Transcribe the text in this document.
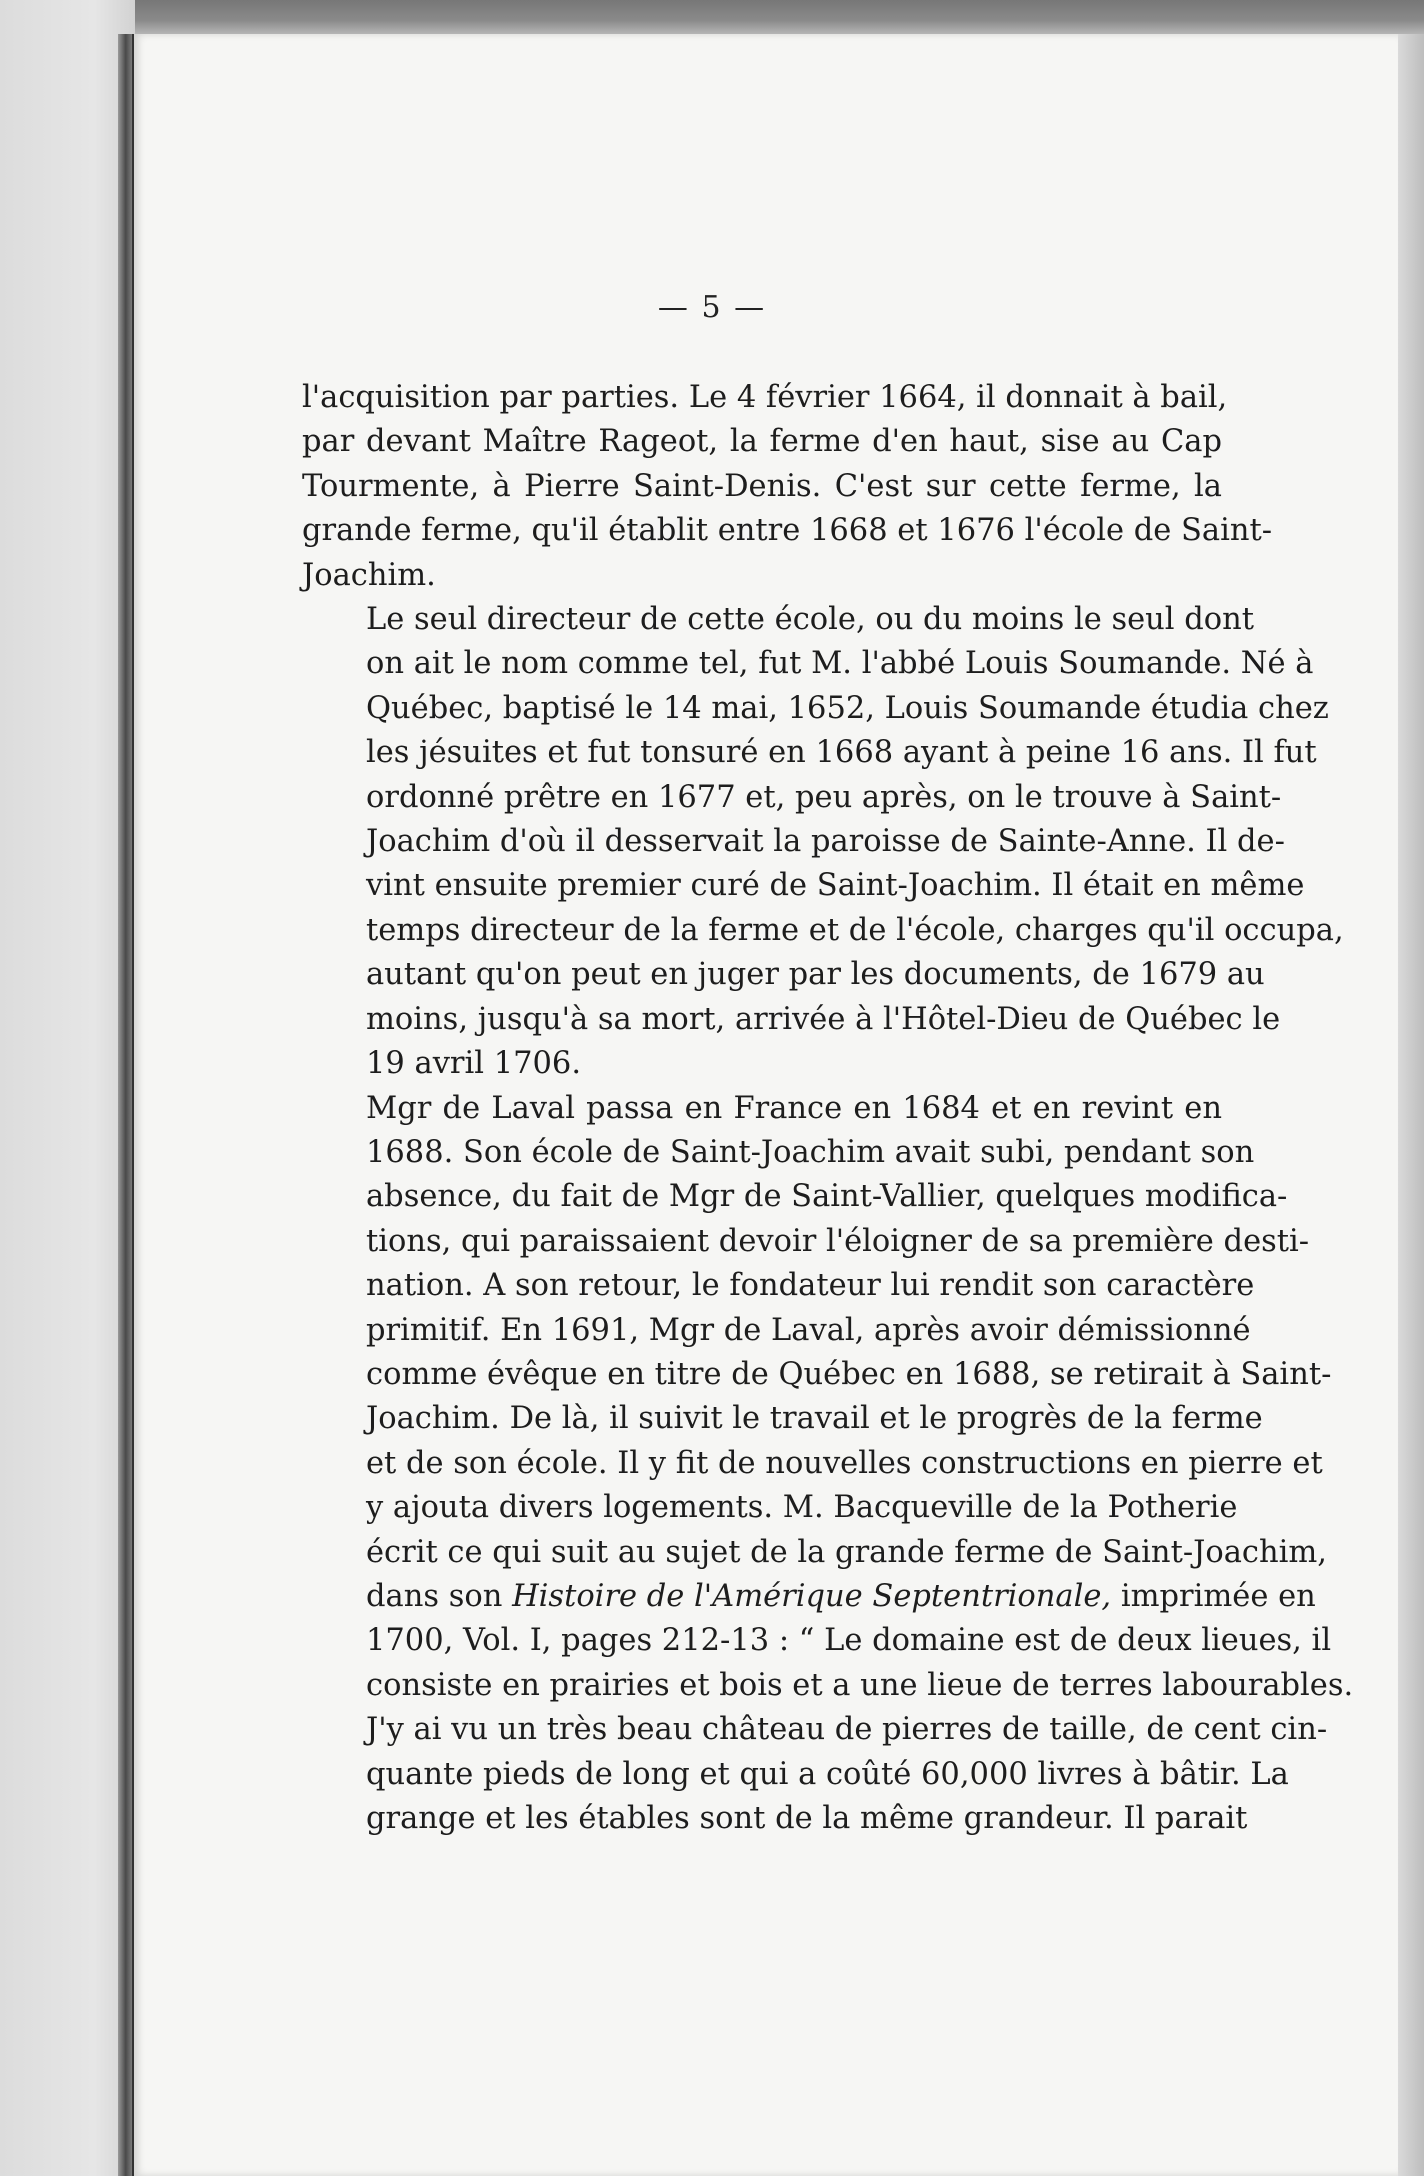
— 5 —

l'acquisition par parties. Le 4 février 1664, il donnait à bail,
par devant Maître Rageot, la ferme d'en haut, sise au Cap
Tourmente, à Pierre Saint-Denis. C'est sur cette ferme, la
grande ferme, qu'il établit entre 1668 et 1676 l'école de Saint-
Joachim.

Le seul directeur de cette école, ou du moins le seul dont
on ait le nom comme tel, fut M. l'abbé Louis Soumande. Né à
Québec, baptisé le 14 mai, 1652, Louis Soumande étudia chez
les jésuites et fut tonsuré en 1668 ayant à peine 16 ans. Il fut
ordonné prêtre en 1677 et, peu après, on le trouve à Saint-
Joachim d'où il desservait la paroisse de Sainte-Anne. Il de-
vint ensuite premier curé de Saint-Joachim. Il était en même
temps directeur de la ferme et de l'école, charges qu'il occupa,
autant qu'on peut en juger par les documents, de 1679 au
moins, jusqu'à sa mort, arrivée à l'Hôtel-Dieu de Québec le
19 avril 1706.

Mgr de Laval passa en France en 1684 et en revint en
1688. Son école de Saint-Joachim avait subi, pendant son
absence, du fait de Mgr de Saint-Vallier, quelques modifica-
tions, qui paraissaient devoir l'éloigner de sa première desti-
nation. A son retour, le fondateur lui rendit son caractère
primitif. En 1691, Mgr de Laval, après avoir démissionné
comme évêque en titre de Québec en 1688, se retirait à Saint-
Joachim. De là, il suivit le travail et le progrès de la ferme
et de son école. Il y fit de nouvelles constructions en pierre et
y ajouta divers logements. M. Bacqueville de la Potherie
écrit ce qui suit au sujet de la grande ferme de Saint-Joachim,
dans son Histoire de l'Amérique Septentrionale, imprimée en
1700, Vol. I, pages 212-13 : “ Le domaine est de deux lieues, il
consiste en prairies et bois et a une lieue de terres labourables.
J'y ai vu un très beau château de pierres de taille, de cent cin-
quante pieds de long et qui a coûté 60,000 livres à bâtir. La
grange et les étables sont de la même grandeur. Il parait
